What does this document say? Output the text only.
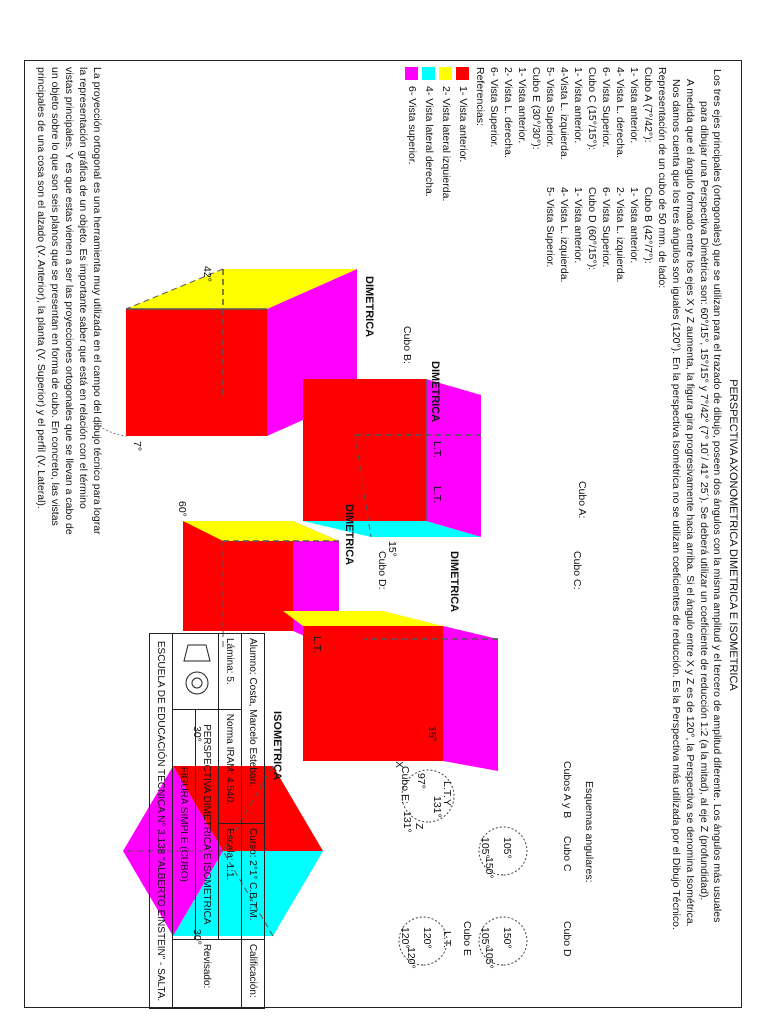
PERSPECTIVA AXONOMETRICA DIMETRICA E ISOMETRICA
Los tres ejes principales (ortogonales) que se utilizan para el trazado de dibujo, poseen dos ángulos con la misma amplitud y el tercero de amplitud diferente. Los ángulos más usuales
para dibujar una Perspectiva Dimétrica son: 60°/15°, 15°/15° y 7°/42° (7° 10´/ 41° 25´). Se deberá utilizar un coeficiente de reducción 1:2 (a la mitad), al eje Z (profundidad).
A medida que el ángulo formado entre los ejes X y Z aumenta, la figura gira progresivamente hacia arriba. Si el ángulo entre X y Z es de 120°, la Perspectiva se denomina Isométrica.
Nos damos cuenta que los tres ángulos son iguales (120°). En la perspectiva Isométrica no se utilizan coeficientes de reducción. Es la Perspectiva más utilizada por el Dibujo Técnico.
Representación de un cubo de 50 mm. de lado:
Cubo A (7°/42°):
Cubo B (42°/7°):
1- Vista anterior.
1- Vista anterior.
4- Vista L. derecha.
2- Vista L. izquierda.
6- Vista Superior.
6- Vista Superior.
Cubo C (15°/15°):
Cubo D (60°/15°):
1- Vista anterior.
1- Vista anterior.
4-Vista L. izquierda.
4- Vista L. izquierda.
5- Vista Superior.
5- Vista Superior.
Cubo E (30°/30°):
1- Vista anterior.
2- Vista L. derecha.
6- Vista Superior.
Referencias:
1- Vista anterior.
2- Vista lateral izquierda.
4- Vista lateral derecha.
6- Vista superior.
La proyección ortogonal es una herramienta muy utilizada en el campo del dibujo técnico para lograr
la representación gráfica de un objeto. Es importante saber que está en relación con el término
vistas principales. Y es que estas vienen a ser las proyecciones ortogonales que se llevan a cabo de
un objeto sobre lo que son seis planos que se presentan en forma de cubo. En concreto, las vistas
principales de una cosa son el alzado (V. Anterior), la planta (V. Superior) y el perfil (V. Lateral).	DIMETRICA
DIMETRICA
DIMETRICA
DIMETRICA
ISOMETRICA
Cubo B:
Cubo A:
Cubo D:	Cubo C:
Cubo E:
L.T.
L.T.
L.T.
L.T.
L.T.
42°
7°
60°
15°
15°
30°
30°
Esquemas angulares:
Cubos A y B
Cubo C
Cubo D
Cubo E
X
Y
Z
97°
131°
131°
105°
150°
105°
150°
105°
105°
120°
120°
120°
Alumno: Costa, Marcelo Esteban.		Curso: 2°1° C.B.T.M.	Calificación:
Lámina: 5.	Norma IRAM: 4.540.	Escala: 1:1.	Revisado:
	PERSPECTIVA DIMETRICA E ISOMETRICA		
	FIGURA SIMPLE (CUBO)		
ESCUELA DE EDUCACIÓN TÉCNICA N° 3.138 "ALBERTO EINSTEIN" - SALTA.			
